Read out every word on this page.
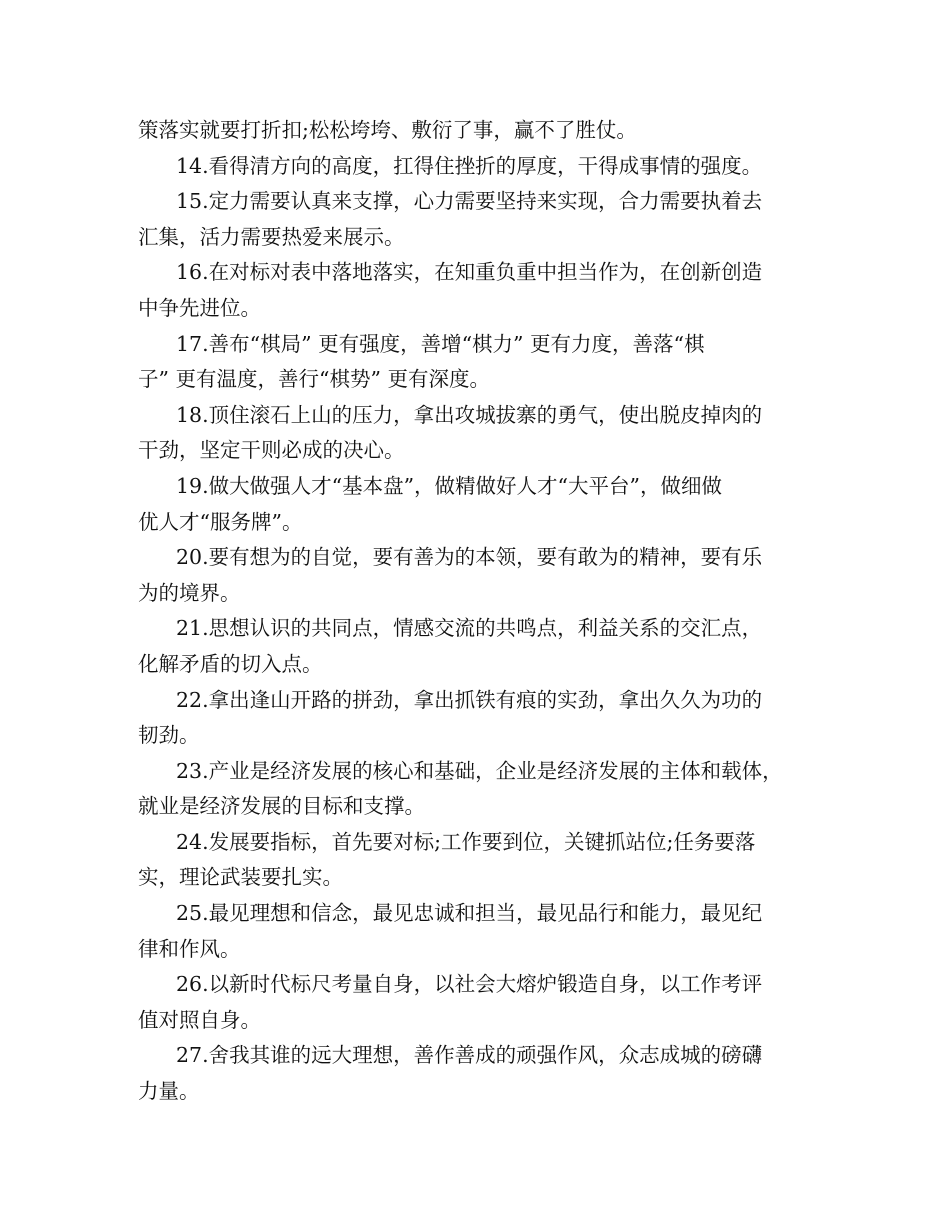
策落实就要打折扣;松松垮垮、敷衍了事，赢不了胜仗。
14.看得清方向的高度，扛得住挫折的厚度，干得成事情的强度。
15.定力需要认真来支撑，心力需要坚持来实现，合力需要执着去
汇集，活力需要热爱来展示。
16.在对标对表中落地落实，在知重负重中担当作为，在创新创造
中争先进位。
17.善布“棋局” 更有强度，善增“棋力” 更有力度，善落“棋
子” 更有温度，善行“棋势” 更有深度。
18.顶住滚石上山的压力，拿出攻城拔寨的勇气，使出脱皮掉肉的
干劲，坚定干则必成的决心。
19.做大做强人才“基本盘”，做精做好人才“大平台”，做细做
优人才“服务牌”。
20.要有想为的自觉，要有善为的本领，要有敢为的精神，要有乐
为的境界。
21.思想认识的共同点，情感交流的共鸣点，利益关系的交汇点，
化解矛盾的切入点。
22.拿出逢山开路的拼劲，拿出抓铁有痕的实劲，拿出久久为功的
韧劲。
23.产业是经济发展的核心和基础，企业是经济发展的主体和载体，
就业是经济发展的目标和支撑。
24.发展要指标，首先要对标;工作要到位，关键抓站位;任务要落
实，理论武装要扎实。
25.最见理想和信念，最见忠诚和担当，最见品行和能力，最见纪
律和作风。
26.以新时代标尺考量自身，以社会大熔炉锻造自身，以工作考评
值对照自身。
27.舍我其谁的远大理想，善作善成的顽强作风，众志成城的磅礴
力量。
